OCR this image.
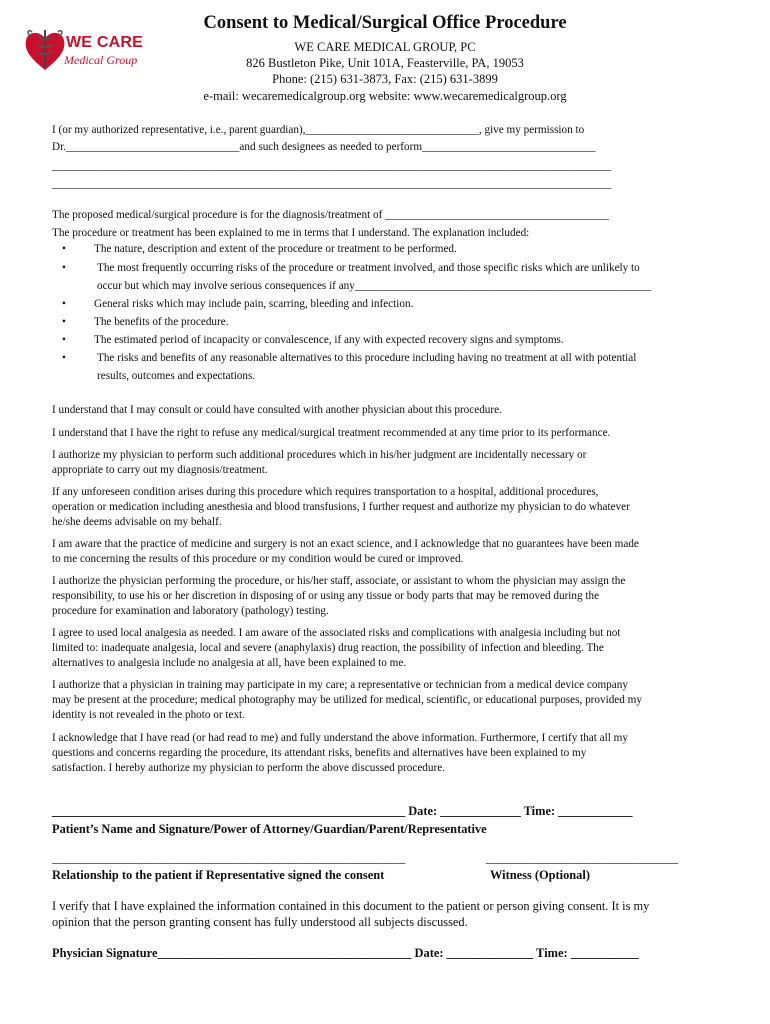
WE CARE
Medical Group
Consent to Medical/Surgical Office Procedure
WE CARE MEDICAL GROUP, PC
826 Bustleton Pike, Unit 101A, Feasterville, PA, 19053
Phone: (215) 631-3873, Fax: (215) 631-3899
e-mail: wecaremedicalgroup.org website: www.wecaremedicalgroup.org
I (or my authorized representative, i.e., parent guardian),_______________________________, give my permission to
Dr._______________________________and such designees as needed to perform_______________________________
____________________________________________________________________________________________________
____________________________________________________________________________________________________
The proposed medical/surgical procedure is for the diagnosis/treatment of ________________________________________
The procedure or treatment has been explained to me in terms that I understand. The explanation included:
•	The nature, description and extent of the procedure or treatment to be performed.
•	The most frequently occurring risks of the procedure or treatment involved, and those specific risks which are unlikely to
occur but which may involve serious consequences if any_____________________________________________________
•	General risks which may include pain, scarring, bleeding and infection.
•	The benefits of the procedure.
•	The estimated period of incapacity or convalescence, if any with expected recovery signs and symptoms.
•	The risks and benefits of any reasonable alternatives to this procedure including having no treatment at all with potential
results, outcomes and expectations.
I understand that I may consult or could have consulted with another physician about this procedure.
I understand that I have the right to refuse any medical/surgical treatment recommended at any time prior to its performance.
I authorize my physician to perform such additional procedures which in his/her judgment are incidentally necessary or
appropriate to carry out my diagnosis/treatment.
If any unforeseen condition arises during this procedure which requires transportation to a hospital, additional procedures,
operation or medication including anesthesia and blood transfusions, I further request and authorize my physician to do whatever
he/she deems advisable on my behalf.
I am aware that the practice of medicine and surgery is not an exact science, and I acknowledge that no guarantees have been made
to me concerning the results of this procedure or my condition would be cured or improved.
I authorize the physician performing the procedure, or his/her staff, associate, or assistant to whom the physician may assign the
responsibility, to use his or her discretion in disposing of or using any tissue or body parts that may be removed during the
procedure for examination and laboratory (pathology) testing.
I agree to used local analgesia as needed. I am aware of the associated risks and complications with analgesia including but not
limited to: inadequate analgesia, local and severe (anaphylaxis) drug reaction, the possibility of infection and bleeding. The
alternatives to analgesia include no analgesia at all, have been explained to me.
I authorize that a physician in training may participate in my care; a representative or technician from a medical device company
may be present at the procedure; medical photography may be utilized for medical, scientific, or educational purposes, provided my
identity is not revealed in the photo or text.
I acknowledge that I have read (or had read to me) and fully understand the above information. Furthermore, I certify that all my
questions and concerns regarding the procedure, its attendant risks, benefits and alternatives have been explained to my
satisfaction. I hereby authorize my physician to perform the above discussed procedure.
_________________________________________________________ Date: _____________ Time: ____________
Patient’s Name and Signature/Power of Attorney/Guardian/Parent/Representative
_________________________________________________________	_______________________________
Relationship to the patient if Representative signed the consent	Witness (Optional)
I verify that I have explained the information contained in this document to the patient or person giving consent. It is my
opinion that the person granting consent has fully understood all subjects discussed.
Physician Signature_________________________________________ Date: ______________ Time: ___________
